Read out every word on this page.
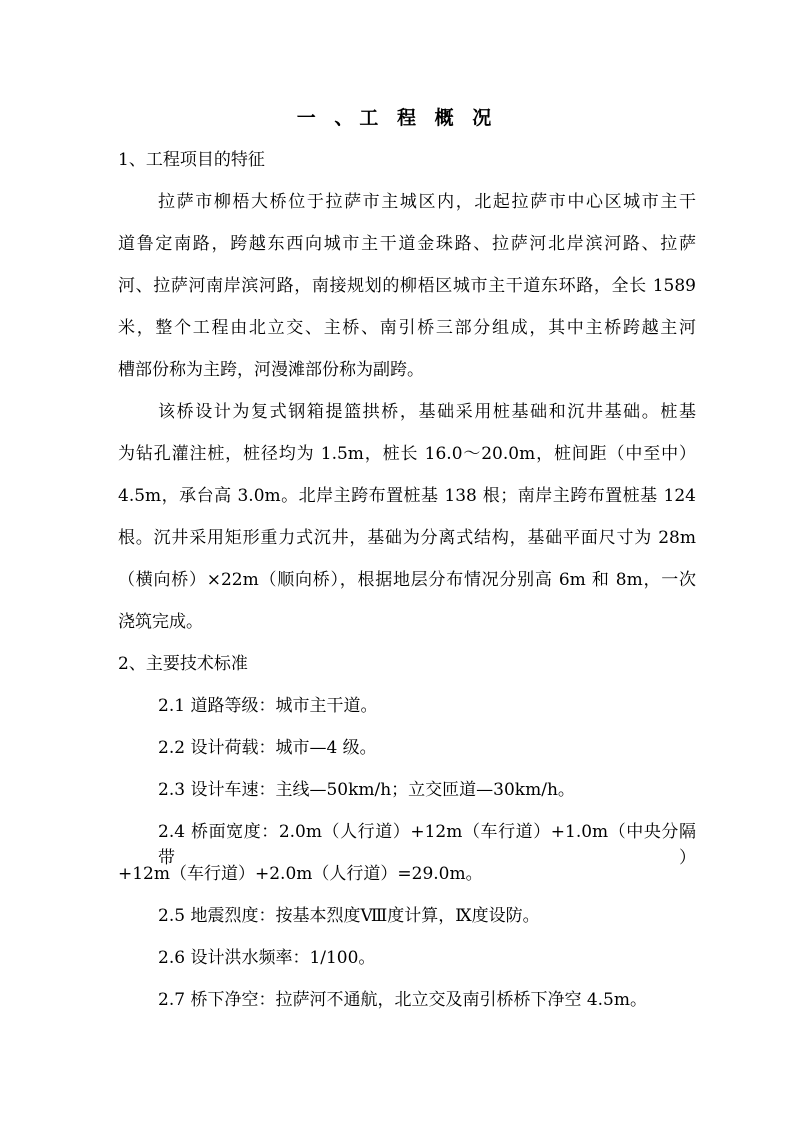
一 、工 程 概 况
1、工程项目的特征
拉萨市柳梧大桥位于拉萨市主城区内，北起拉萨市中心区城市主干
道鲁定南路，跨越东西向城市主干道金珠路、拉萨河北岸滨河路、拉萨
河、拉萨河南岸滨河路，南接规划的柳梧区城市主干道东环路，全长 1589
米，整个工程由北立交、主桥、南引桥三部分组成，其中主桥跨越主河
槽部份称为主跨，河漫滩部份称为副跨。
该桥设计为复式钢箱提篮拱桥，基础采用桩基础和沉井基础。桩基
为钻孔灌注桩，桩径均为 1.5m，桩长 16.0～20.0m，桩间距（中至中）
4.5m，承台高 3.0m。北岸主跨布置桩基 138 根；南岸主跨布置桩基 124
根。沉井采用矩形重力式沉井，基础为分离式结构，基础平面尺寸为 28m
（横向桥）×22m（顺向桥），根据地层分布情况分别高 6m 和 8m，一次
浇筑完成。
2、主要技术标准
2.1 道路等级：城市主干道。
2.2 设计荷载：城市—4 级。
2.3 设计车速：主线—50km/h；立交匝道—30km/h。
2.4 桥面宽度：2.0m（人行道）+12m（车行道）+1.0m（中央分隔带）
+12m（车行道）+2.0m（人行道）=29.0m。
2.5 地震烈度：按基本烈度Ⅷ度计算，Ⅸ度设防。
2.6 设计洪水频率：1/100。
2.7 桥下净空：拉萨河不通航，北立交及南引桥桥下净空 4.5m。
